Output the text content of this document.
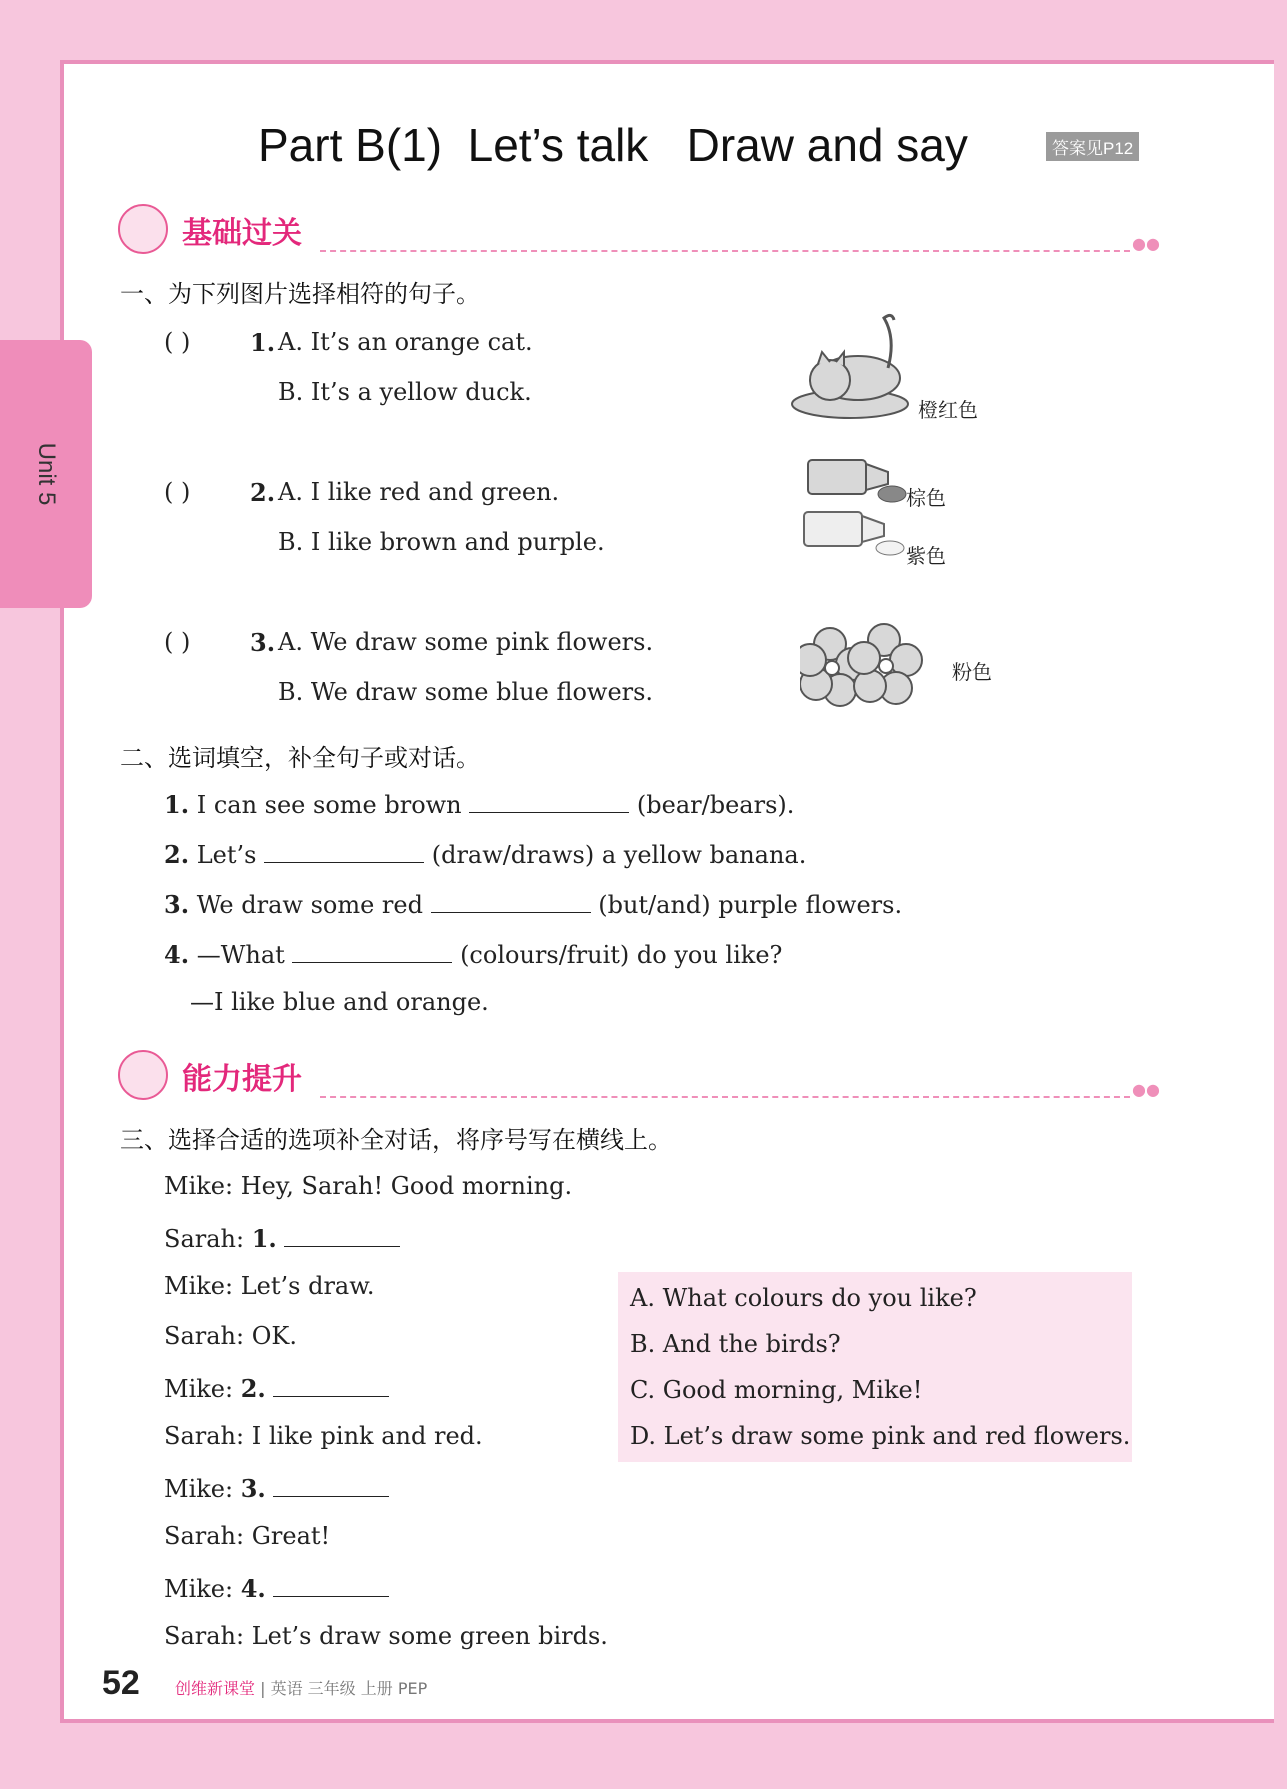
Unit 5
Part B(1)  Let’s talk   Draw and say	答案见P12
基础过关	●●
一、为下列图片选择相符的句子。
( ) 1. A. It’s an orange cat.
B. It’s a yellow duck.
橙红色
( ) 2. A. I like red and green.
B. I like brown and purple.
棕色
紫色
( ) 3. A. We draw some pink flowers.
B. We draw some blue flowers.
粉色
二、选词填空，补全句子或对话。
1. I can see some brown	(bear/bears).
2. Let’s	(draw/draws) a yellow banana.
3. We draw some red	(but/and) purple flowers.
4. —What	(colours/fruit) do you like?
—I like blue and orange.
能力提升	●●
三、选择合适的选项补全对话，将序号写在横线上。
Mike: Hey, Sarah! Good morning.
Sarah: 1.
Mike: Let’s draw.
Sarah: OK.
Mike: 2.
Sarah: I like pink and red.
Mike: 3.
Sarah: Great!
Mike: 4.
Sarah: Let’s draw some green birds.
A. What colours do you like?
B. And the birds?
C. Good morning, Mike!
D. Let’s draw some pink and red flowers.
52 创维新课堂 | 英语 三年级 上册 PEP
